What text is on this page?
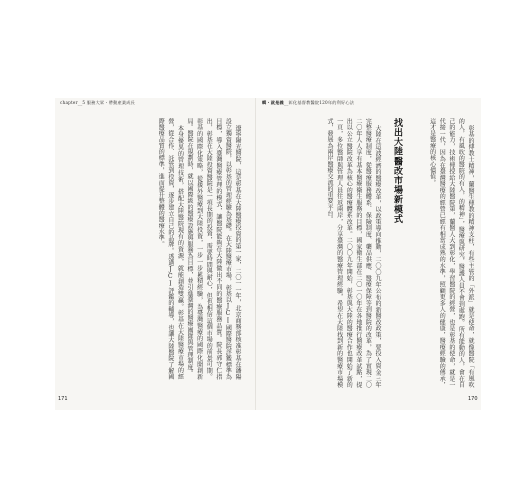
chapter__5 服務大眾・帶動產業成長	輯・就是義__彰化基督教醫院120年的利好心法
找出大陸醫改市場新模式	彰基的傳教士精神，蘭醫生傳教的精神支柱，有些主管的「外派」就是使命，就像醫院「有風吹的人，有風吹的醫院的有人，的精神」，醫療與研究，醫護人員不會到處跑。所有能動的人，會在自己的能力，技術傳授給大陸醫院第，蘭醫人大到彰化，學習醫院的經營，也是彰基的使命，就是一代接一代，因為在臺灣醫療的經營已經有相當成熟的水準，照顧更多人的健康，醫療經驗的傳承，這才是醫療的核心價值。

大陸在這波經濟的醫療改革，以政策導向推動，二〇〇九年公布的新醫改政策，要投入資金三年完整醫療制度，從醫療服務體系、保險制度、藥品供應、醫療保障等到醫院的改革，為了實現二〇二〇年人人享有基本醫療衛生服務的目標，國家衛生部在二〇一〇年在各地推行醫療改革試點，提出以公立醫院改革為核心的醫療體系改革。二〇〇九年開始，彰基與大陸的醫療合作也開始了新的一頁，多位醫師與管理人員往返兩岸，分享臺灣的醫療管理經驗，希望在大陸找到新的醫療市場模式，發展為兩岸醫療交流的重要平台。

遼寧陽光醫院，這是彰基在大陸醫療投資的第一家，二〇一一年，北京商務部核准彰基在瀋陽設立獨資醫院，以彰基的管理經驗為基礎。在大陸醫療市場，彰基以JCI國際醫院評鑑標準為目標，導入臺灣醫療管理的模式，讓醫院能夠在大陸做出不同的醫療服務品質。院長郭守仁指出，彰基在大陸投資醫院是一項長期的投資，需要時間與耐心，但也相信這個市場的前景可期。彰基的國際化策略，從援外醫療到大陸投資，一步一步累積經驗，為臺灣醫療的國際化開創新局。醫院在規劃時，就以國際級的醫療設施與服務為目標，並引進臺灣的醫療團隊與管理制度。

本身優異的管理技術，搭配大陸醫院現有的資源，就能創造雙贏。彰基在大陸醫療市場的經營，從合作、託管到投資，逐步建立自己的品牌。透過JCI評鑑的輔導，也讓大陸醫院了解國際醫療品質的標準，進而提升整體的醫療水準。

171	170
